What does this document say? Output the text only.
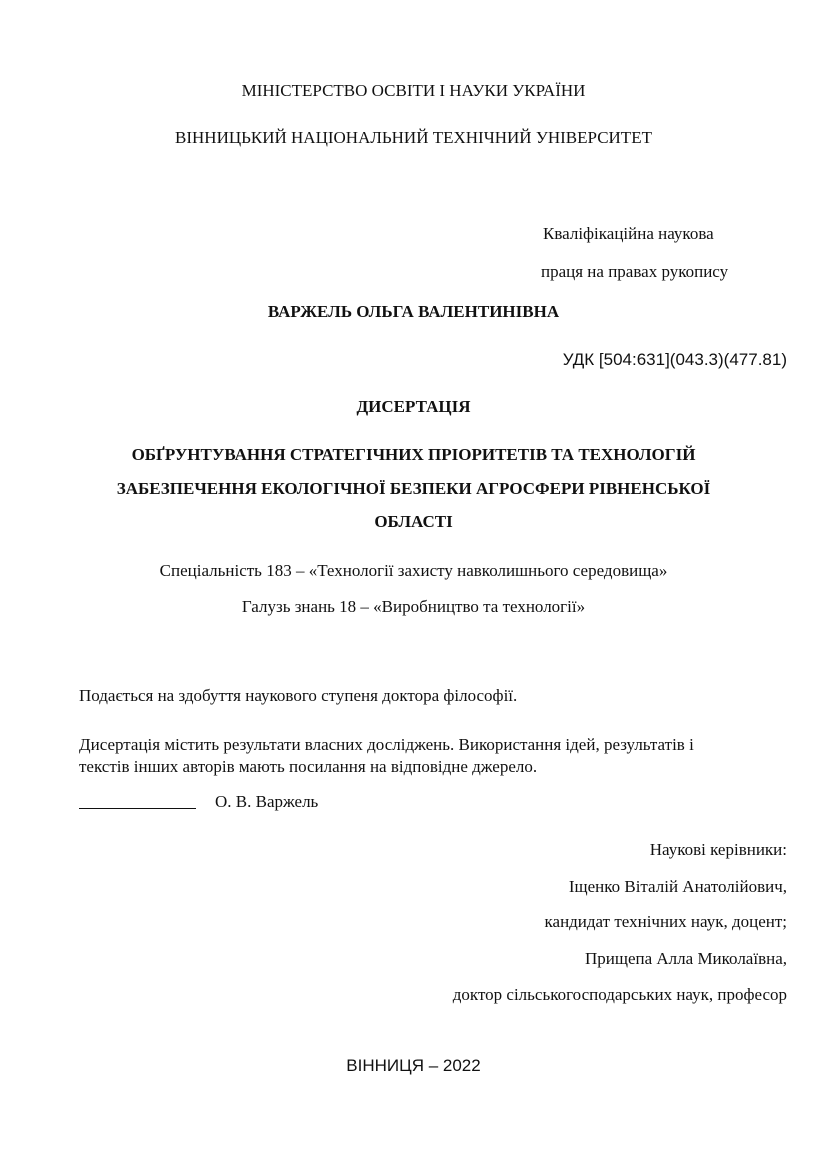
МІНІСТЕРСТВО ОСВІТИ І НАУКИ УКРАЇНИ
ВІННИЦЬКИЙ НАЦІОНАЛЬНИЙ ТЕХНІЧНИЙ УНІВЕРСИТЕТ
Кваліфікаційна наукова
праця на правах рукопису
ВАРЖЕЛЬ ОЛЬГА ВАЛЕНТИНІВНА
УДК [504:631](043.3)(477.81)
ДИСЕРТАЦІЯ
ОБҐРУНТУВАННЯ СТРАТЕГІЧНИХ ПРІОРИТЕТІВ ТА ТЕХНОЛОГІЙ
ЗАБЕЗПЕЧЕННЯ ЕКОЛОГІЧНОЇ БЕЗПЕКИ АГРОСФЕРИ РІВНЕНСЬКОЇ
ОБЛАСТІ
Спеціальність 183 – «Технології захисту навколишнього середовища»
Галузь знань 18 – «Виробництво та технології»
Подається на здобуття наукового ступеня доктора філософії.
Дисертація містить результати власних досліджень. Використання ідей, результатів і
текстів інших авторів мають посилання на відповідне джерело.
О. В. Варжель
Наукові керівники:
Іщенко Віталій Анатолійович,
кандидат технічних наук, доцент;
Прищепа Алла Миколаївна,
доктор сільськогосподарських наук, професор
ВІННИЦЯ – 2022
